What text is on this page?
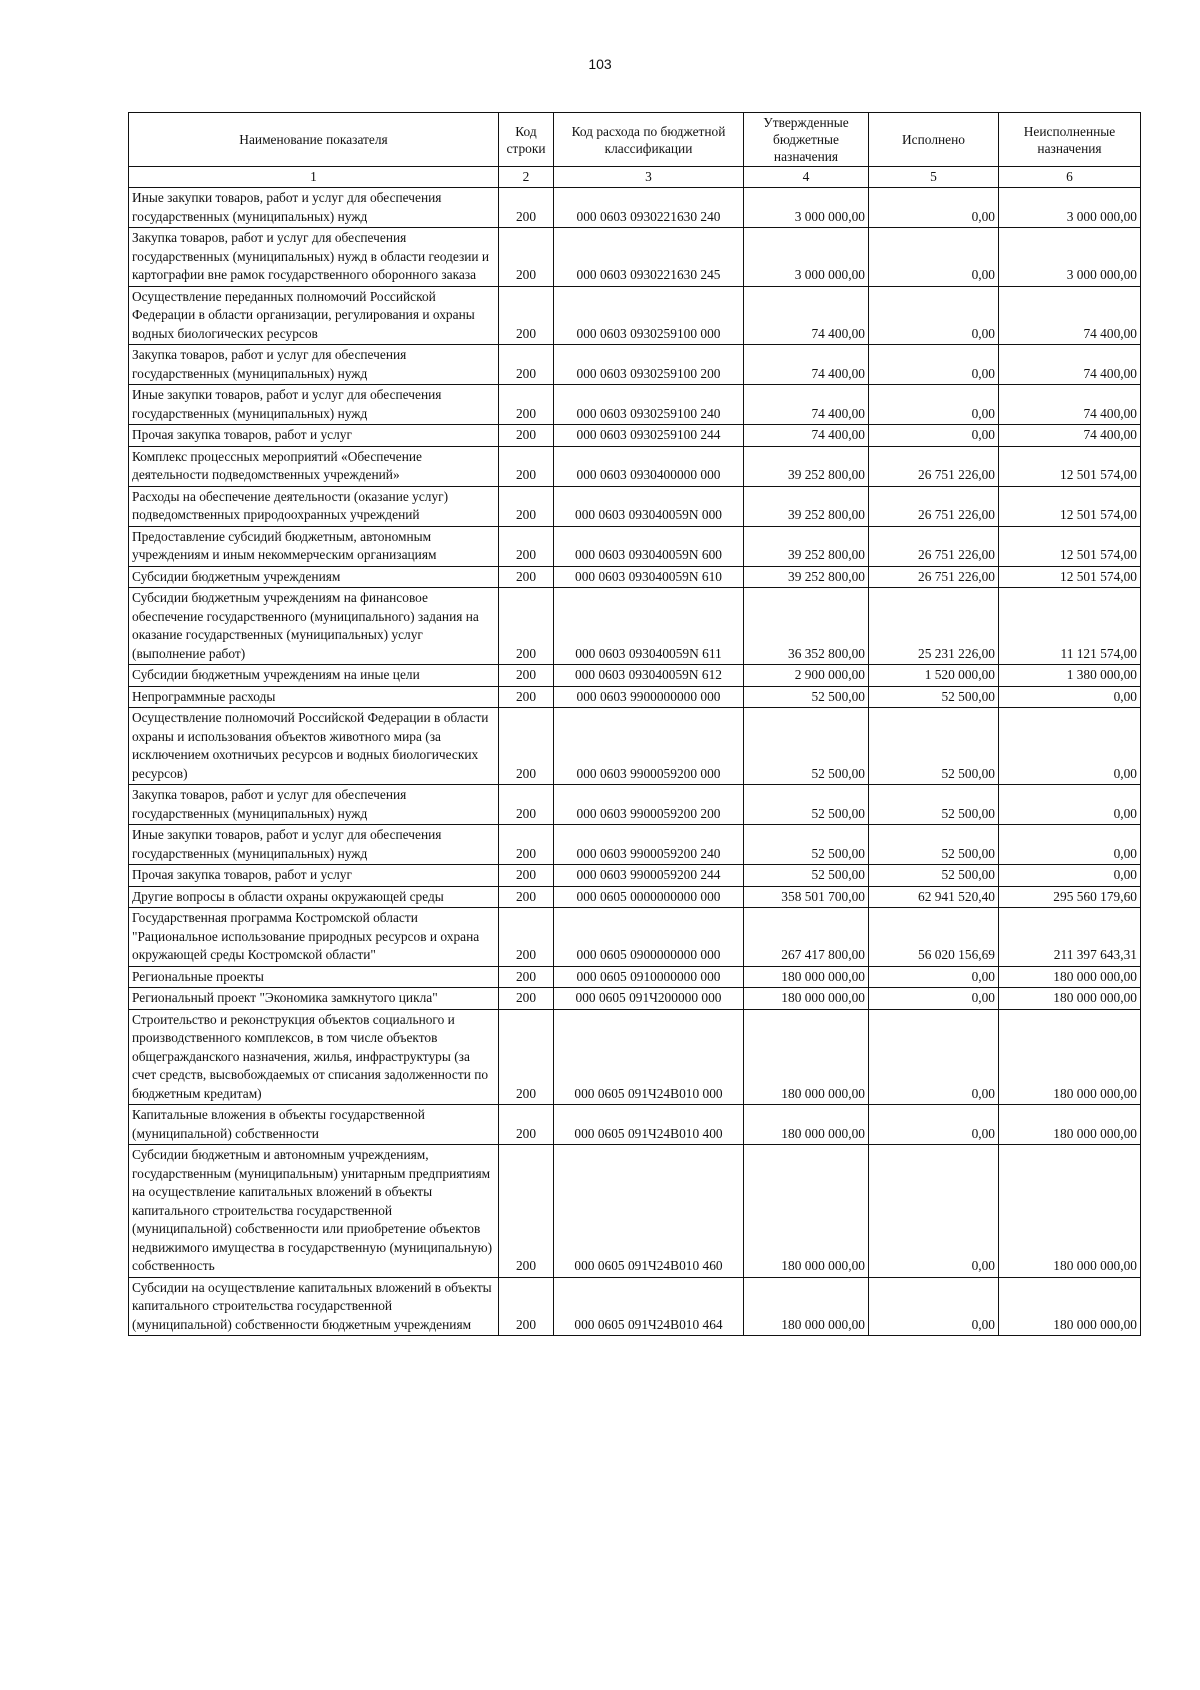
103
Наименование показателя	Код строки	Код расхода по бюджетной классификации	Утвержденные бюджетные назначения	Исполнено	Неисполненные назначения
1	2	3	4	5	6
Иные закупки товаров, работ и услуг для обеспечения государственных (муниципальных) нужд	200	000 0603 0930221630 240	3 000 000,00	0,00	3 000 000,00
Закупка товаров, работ и услуг для обеспечения государственных (муниципальных) нужд в области геодезии и картографии вне рамок государственного оборонного заказа	200	000 0603 0930221630 245	3 000 000,00	0,00	3 000 000,00
Осуществление переданных полномочий Российской Федерации в области организации, регулирования и охраны водных биологических ресурсов	200	000 0603 0930259100 000	74 400,00	0,00	74 400,00
Закупка товаров, работ и услуг для обеспечения государственных (муниципальных) нужд	200	000 0603 0930259100 200	74 400,00	0,00	74 400,00
Иные закупки товаров, работ и услуг для обеспечения государственных (муниципальных) нужд	200	000 0603 0930259100 240	74 400,00	0,00	74 400,00
Прочая закупка товаров, работ и услуг	200	000 0603 0930259100 244	74 400,00	0,00	74 400,00
Комплекс процессных мероприятий «Обеспечение деятельности подведомственных учреждений»	200	000 0603 0930400000 000	39 252 800,00	26 751 226,00	12 501 574,00
Расходы на обеспечение деятельности (оказание услуг) подведомственных природоохранных учреждений	200	000 0603 093040059N 000	39 252 800,00	26 751 226,00	12 501 574,00
Предоставление субсидий бюджетным, автономным учреждениям и иным некоммерческим организациям	200	000 0603 093040059N 600	39 252 800,00	26 751 226,00	12 501 574,00
Субсидии бюджетным учреждениям	200	000 0603 093040059N 610	39 252 800,00	26 751 226,00	12 501 574,00
Субсидии бюджетным учреждениям на финансовое обеспечение государственного (муниципального) задания на оказание государственных (муниципальных) услуг (выполнение работ)	200	000 0603 093040059N 611	36 352 800,00	25 231 226,00	11 121 574,00
Субсидии бюджетным учреждениям на иные цели	200	000 0603 093040059N 612	2 900 000,00	1 520 000,00	1 380 000,00
Непрограммные расходы	200	000 0603 9900000000 000	52 500,00	52 500,00	0,00
Осуществление полномочий Российской Федерации в области охраны и использования объектов животного мира (за исключением охотничьих ресурсов и водных биологических ресурсов)	200	000 0603 9900059200 000	52 500,00	52 500,00	0,00
Закупка товаров, работ и услуг для обеспечения государственных (муниципальных) нужд	200	000 0603 9900059200 200	52 500,00	52 500,00	0,00
Иные закупки товаров, работ и услуг для обеспечения государственных (муниципальных) нужд	200	000 0603 9900059200 240	52 500,00	52 500,00	0,00
Прочая закупка товаров, работ и услуг	200	000 0603 9900059200 244	52 500,00	52 500,00	0,00
Другие вопросы в области охраны окружающей среды	200	000 0605 0000000000 000	358 501 700,00	62 941 520,40	295 560 179,60
Государственная программа Костромской области "Рациональное использование природных ресурсов и охрана окружающей среды Костромской области"	200	000 0605 0900000000 000	267 417 800,00	56 020 156,69	211 397 643,31
Региональные проекты	200	000 0605 0910000000 000	180 000 000,00	0,00	180 000 000,00
Региональный проект "Экономика замкнутого цикла"	200	000 0605 091Ч200000 000	180 000 000,00	0,00	180 000 000,00
Строительство и реконструкция объектов социального и производственного комплексов, в том числе объектов общегражданского назначения, жилья, инфраструктуры (за счет средств, высвобождаемых от списания задолженности по бюджетным кредитам)	200	000 0605 091Ч24В010 000	180 000 000,00	0,00	180 000 000,00
Капитальные вложения в объекты государственной (муниципальной) собственности	200	000 0605 091Ч24В010 400	180 000 000,00	0,00	180 000 000,00
Субсидии бюджетным и автономным учреждениям, государственным (муниципальным) унитарным предприятиям на осуществление капитальных вложений в объекты капитального строительства государственной (муниципальной) собственности или приобретение объектов недвижимого имущества в государственную (муниципальную) собственность	200	000 0605 091Ч24В010 460	180 000 000,00	0,00	180 000 000,00
Субсидии на осуществление капитальных вложений в объекты капитального строительства государственной (муниципальной) собственности бюджетным учреждениям	200	000 0605 091Ч24В010 464	180 000 000,00	0,00	180 000 000,00
